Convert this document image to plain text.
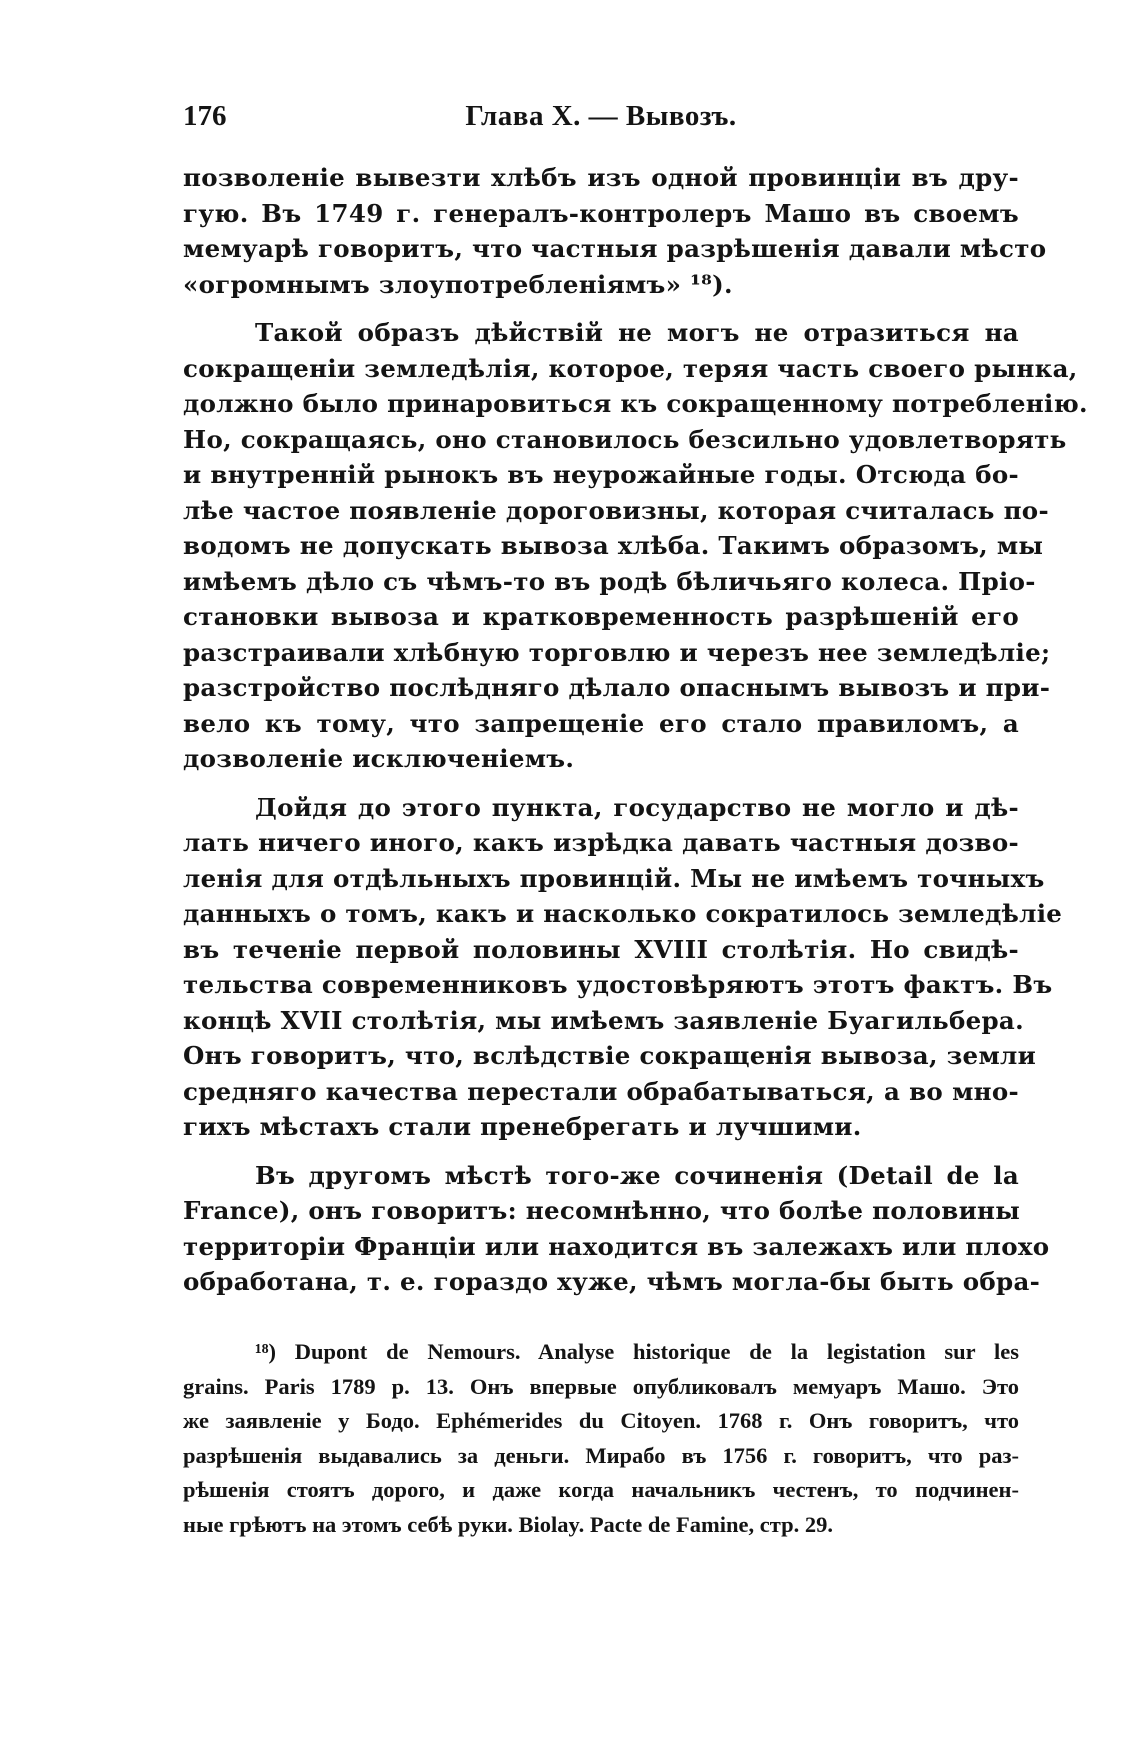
176	Глава X. — Вывозъ.
позволеніе вывезти хлѣбъ изъ одной провинціи въ дру-
гую. Въ 1749 г. генералъ-контролеръ Машо въ своемъ
мемуарѣ говоритъ, что частныя разрѣшенія давали мѣсто
«огромнымъ злоупотребленіямъ» ¹⁸).
Такой образъ дѣйствій не могъ не отразиться на
сокращеніи земледѣлія, которое, теряя часть своего рынка,
должно было принаровиться къ сокращенному потребленію.
Но, сокращаясь, оно становилось безсильно удовлетворять
и внутренній рынокъ въ неурожайные годы. Отсюда бо-
лѣе частое появленіе дороговизны, которая считалась по-
водомъ не допускать вывоза хлѣба. Такимъ образомъ, мы
имѣемъ дѣло съ чѣмъ-то въ родѣ бѣличьяго колеса. Пріо-
становки вывоза и кратковременность разрѣшеній его
разстраивали хлѣбную торговлю и черезъ нее земледѣліе;
разстройство послѣдняго дѣлало опаснымъ вывозъ и при-
вело къ тому, что запрещеніе его стало правиломъ, а
дозволеніе исключеніемъ.
Дойдя до этого пункта, государство не могло и дѣ-
лать ничего иного, какъ изрѣдка давать частныя дозво-
ленія для отдѣльныхъ провинцій. Мы не имѣемъ точныхъ
данныхъ о томъ, какъ и насколько сократилось земледѣліе
въ теченіе первой половины XVIII столѣтія. Но свидѣ-
тельства современниковъ удостовѣряютъ этотъ фактъ. Въ
концѣ XVII столѣтія, мы имѣемъ заявленіе Буагильбера.
Онъ говоритъ, что, вслѣдствіе сокращенія вывоза, земли
средняго качества перестали обрабатываться, а во мно-
гихъ мѣстахъ стали пренебрегать и лучшими.
Въ другомъ мѣстѣ того-же сочиненія (Detail de la
France), онъ говоритъ: несомнѣнно, что болѣе половины
территоріи Франціи или находится въ залежахъ или плохо
обработана, т. е. гораздо хуже, чѣмъ могла-бы быть обра-
¹⁸) Dupont de Nemours. Analyse historique de la legistation sur les
grains. Paris 1789 p. 13. Онъ впервые опубликовалъ мемуаръ Машо. Это
же заявленіе у Бодо. Ephémerides du Citoyen. 1768 г. Онъ говоритъ, что
разрѣшенія выдавались за деньги. Мирабо въ 1756 г. говоритъ, что раз-
рѣшенія стоятъ дорого, и даже когда начальникъ честенъ, то подчинен-
ные грѣютъ на этомъ себѣ руки. Biolay. Pacte de Famine, стр. 29.
